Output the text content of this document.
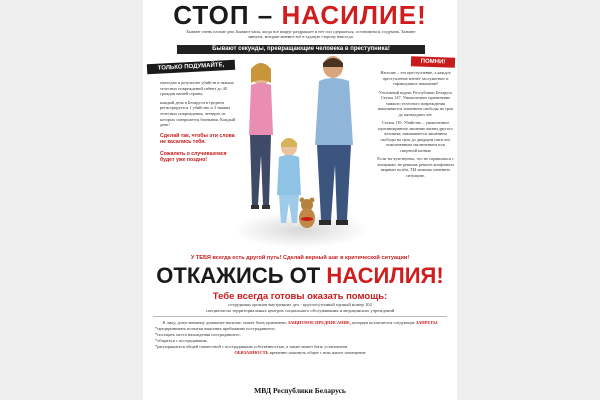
СТОП – НАСИЛИЕ!
Бывают очень плохие дни. Бывают часы, когда всё вокруг раздражает и нет сил сдержаться, остановиться, подумать. Бывают минуты, которые меняют всё в худшую сторону навсегда.
Бывают секунды, превращающие человека в преступника!
ТОЛЬКО ПОДУМАЙТЕ,
ПОМНИ!

ежегодно в результате убийств и тяжких телесных повреждений гибнет до 40 граждан нашей страны,

каждый день в Беларуси в среднем регистрируется 1 убийство и 3 тяжких телесных повреждения, четверть из которых совершается близкими. Каждый день!

Сделай так, чтобы эти слова не касались тебя.

Сожалеть о случившемся будет уже поздно!

Насилие – это преступление, а каждое преступление влечёт заслуженное и справедливое наказание!

Уголовный кодекс Республики Беларусь Статья 147. Умышленное причинение тяжкого телесного повреждения наказывается лишением свободы на срок до пятнадцати лет.

Статья 139. Убийство – умышленное противоправное лишение жизни другого человека, наказывается лишением свободы на срок до двадцати пяти лет, пожизненным заключением или смертной казнью

Если ты чувствуешь, что не справишься с эмоциями, не решишь решить конфликты мирным путём, ТЫ можешь изменить ситуацию.

У ТЕБЯ всегда есть другой путь! Сделай верный шаг в критической ситуации!
ОТКАЖИСЬ ОТ НАСИЛИЯ!
Тебе всегда готовы оказать помощь:
сотрудники органов внутренних дел - круглосуточный единый номер 102
специалисты территориальных центров социального обслуживания и медицинских учреждений
К лицу, допустившему домашнее насилие, может быть применено ЗАЩИТНОЕ ПРЕДПИСАНИЕ, которым возлагаются следующие ЗАПРЕТЫ
*предпринимать попытки выяснять пребывание пострадавшего;
*посещать места нахождения пострадавшего;
*общаться с пострадавшим;
*распоряжаться общей совместной с пострадавшим собственностью, а также может быть установлена
ОБЯЗАННОСТЬ временно покинуть общее с ним жилое помещение
МВД Республики Беларусь
